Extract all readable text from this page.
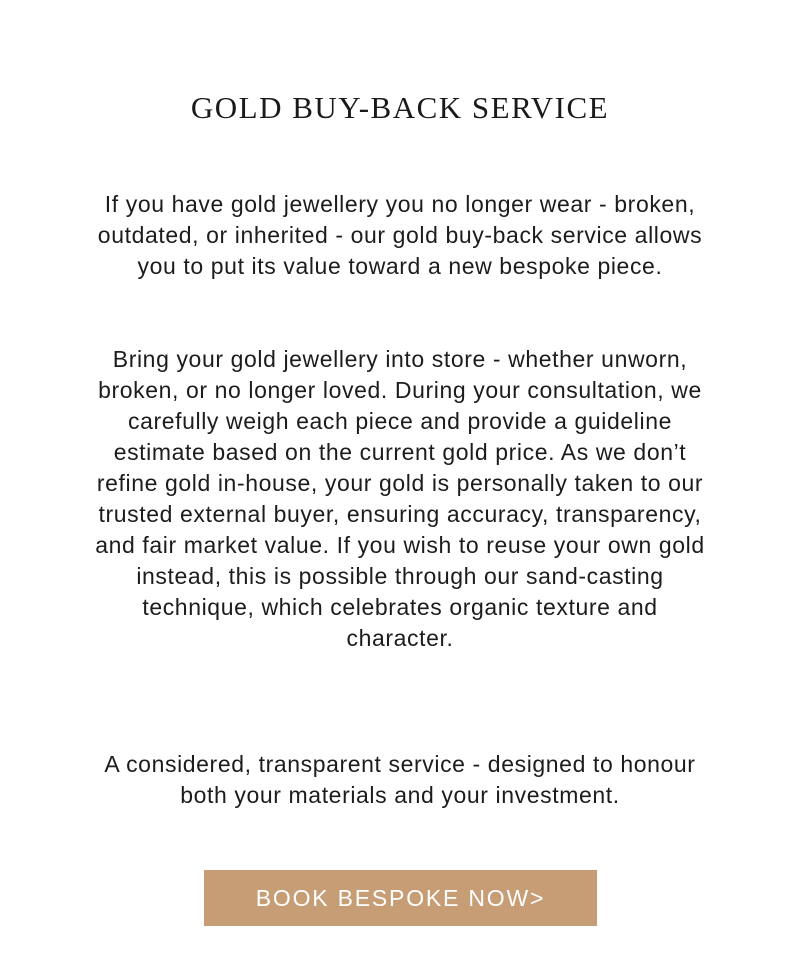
GOLD BUY-BACK SERVICE

If you have gold jewellery you no longer wear - broken, outdated, or inherited - our gold buy-back service allows you to put its value toward a new bespoke piece.

Bring your gold jewellery into store - whether unworn, broken, or no longer loved. During your consultation, we carefully weigh each piece and provide a guideline estimate based on the current gold price. As we don’t refine gold in-house, your gold is personally taken to our trusted external buyer, ensuring accuracy, transparency, and fair market value. If you wish to reuse your own gold instead, this is possible through our sand-casting technique, which celebrates organic texture and character.

A considered, transparent service - designed to honour both your materials and your investment.

BOOK BESPOKE NOW>
